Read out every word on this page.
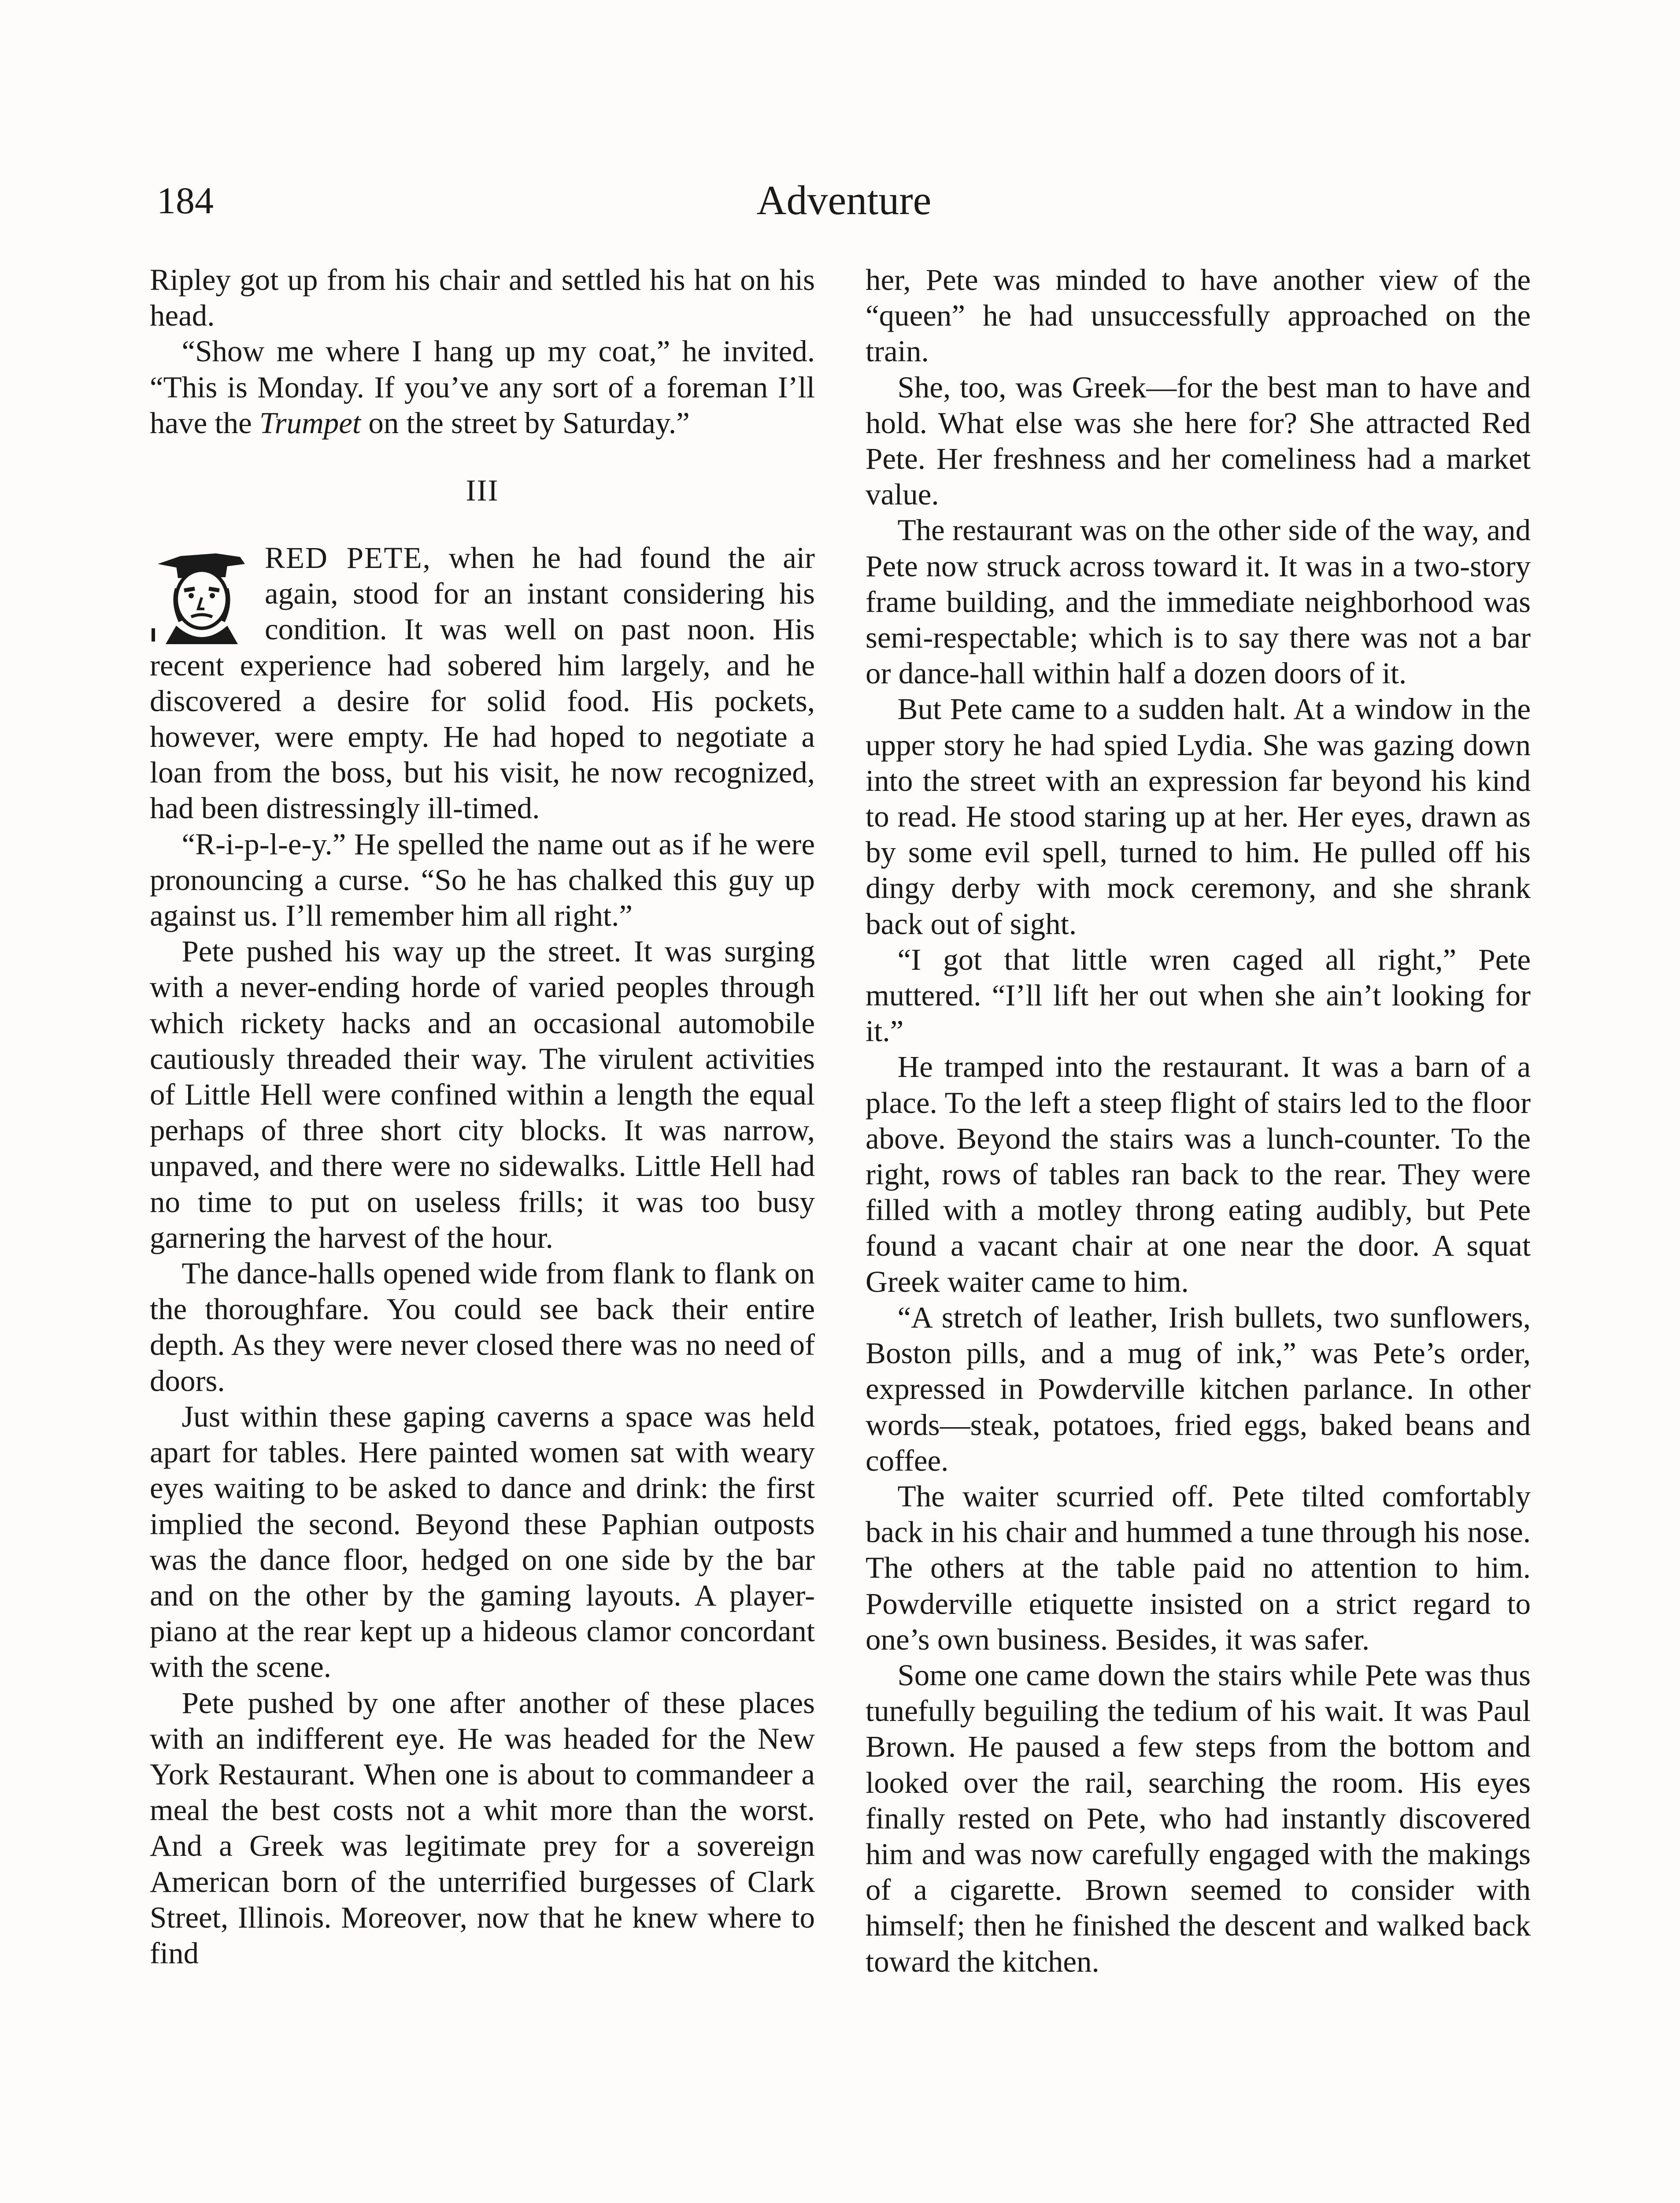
184	Adventure

Ripley got up from his chair and settled his hat on his head.

“Show me where I hang up my coat,” he invited. “This is Monday. If you’ve any sort of a foreman I’ll have the Trumpet on the street by Saturday.”

III

RED PETE, when he had found the air again, stood for an instant considering his condition. It was well on past noon. His recent experience had sobered him largely, and he discovered a desire for solid food. His pockets, however, were empty. He had hoped to negotiate a loan from the boss, but his visit, he now recognized, had been distressingly ill-timed.

“R-i-p-l-e-y.” He spelled the name out as if he were pronouncing a curse. “So he has chalked this guy up against us. I’ll remember him all right.”

Pete pushed his way up the street. It was surging with a never-ending horde of varied peoples through which rickety hacks and an occasional automobile cautiously threaded their way. The virulent activities of Little Hell were confined within a length the equal perhaps of three short city blocks. It was narrow, unpaved, and there were no sidewalks. Little Hell had no time to put on useless frills; it was too busy garnering the harvest of the hour.

The dance-halls opened wide from flank to flank on the thoroughfare. You could see back their entire depth. As they were never closed there was no need of doors.

Just within these gaping caverns a space was held apart for tables. Here painted women sat with weary eyes waiting to be asked to dance and drink: the first implied the second. Beyond these Paphian outposts was the dance floor, hedged on one side by the bar and on the other by the gaming layouts. A player-piano at the rear kept up a hideous clamor concordant with the scene.

Pete pushed by one after another of these places with an indifferent eye. He was headed for the New York Restaurant. When one is about to commandeer a meal the best costs not a whit more than the worst. And a Greek was legitimate prey for a sovereign American born of the unterrified burgesses of Clark Street, Illinois. Moreover, now that he knew where to find

her, Pete was minded to have another view of the “queen” he had unsuccessfully approached on the train.

She, too, was Greek—for the best man to have and hold. What else was she here for? She attracted Red Pete. Her freshness and her comeliness had a market value.

The restaurant was on the other side of the way, and Pete now struck across toward it. It was in a two-story frame building, and the immediate neighborhood was semi-respectable; which is to say there was not a bar or dance-hall within half a dozen doors of it.

But Pete came to a sudden halt. At a window in the upper story he had spied Lydia. She was gazing down into the street with an expression far beyond his kind to read. He stood staring up at her. Her eyes, drawn as by some evil spell, turned to him. He pulled off his dingy derby with mock ceremony, and she shrank back out of sight.

“I got that little wren caged all right,” Pete muttered. “I’ll lift her out when she ain’t looking for it.”

He tramped into the restaurant. It was a barn of a place. To the left a steep flight of stairs led to the floor above. Beyond the stairs was a lunch-counter. To the right, rows of tables ran back to the rear. They were filled with a motley throng eating audibly, but Pete found a vacant chair at one near the door. A squat Greek waiter came to him.

“A stretch of leather, Irish bullets, two sunflowers, Boston pills, and a mug of ink,” was Pete’s order, expressed in Powderville kitchen parlance. In other words—steak, potatoes, fried eggs, baked beans and coffee.

The waiter scurried off. Pete tilted comfortably back in his chair and hummed a tune through his nose. The others at the table paid no attention to him. Powderville etiquette insisted on a strict regard to one’s own business. Besides, it was safer.

Some one came down the stairs while Pete was thus tunefully beguiling the tedium of his wait. It was Paul Brown. He paused a few steps from the bottom and looked over the rail, searching the room. His eyes finally rested on Pete, who had instantly discovered him and was now carefully engaged with the makings of a cigarette. Brown seemed to consider with himself; then he finished the descent and walked back toward the kitchen.
